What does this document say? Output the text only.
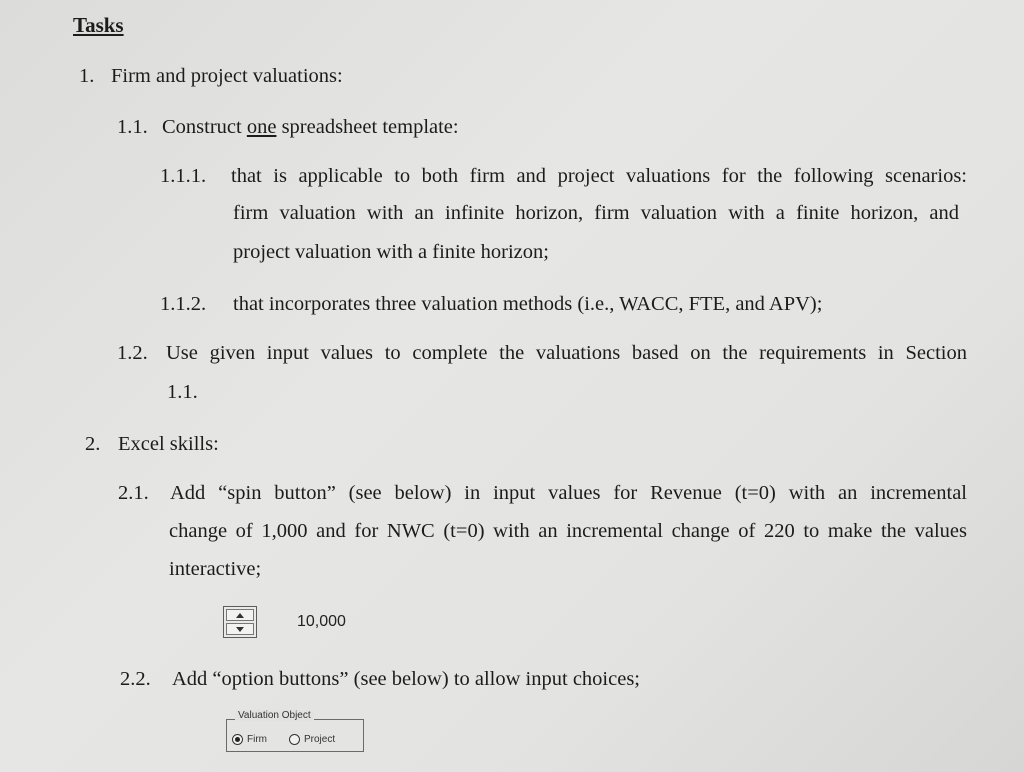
Tasks
1. Firm and project valuations:
1.1. Construct one spreadsheet template:
1.1.1. that is applicable to both firm and project valuations for the following scenarios:
firm valuation with an infinite horizon, firm valuation with a finite horizon, and
project valuation with a finite horizon;
1.1.2. that incorporates three valuation methods (i.e., WACC, FTE, and APV);
1.2. Use given input values to complete the valuations based on the requirements in Section
1.1.
2. Excel skills:
2.1. Add “spin button” (see below) in input values for Revenue (t=0) with an incremental
change of 1,000 and for NWC (t=0) with an incremental change of 220 to make the values
interactive;
10,000
2.2. Add “option buttons” (see below) to allow input choices;
Valuation Object
Firm	Project
